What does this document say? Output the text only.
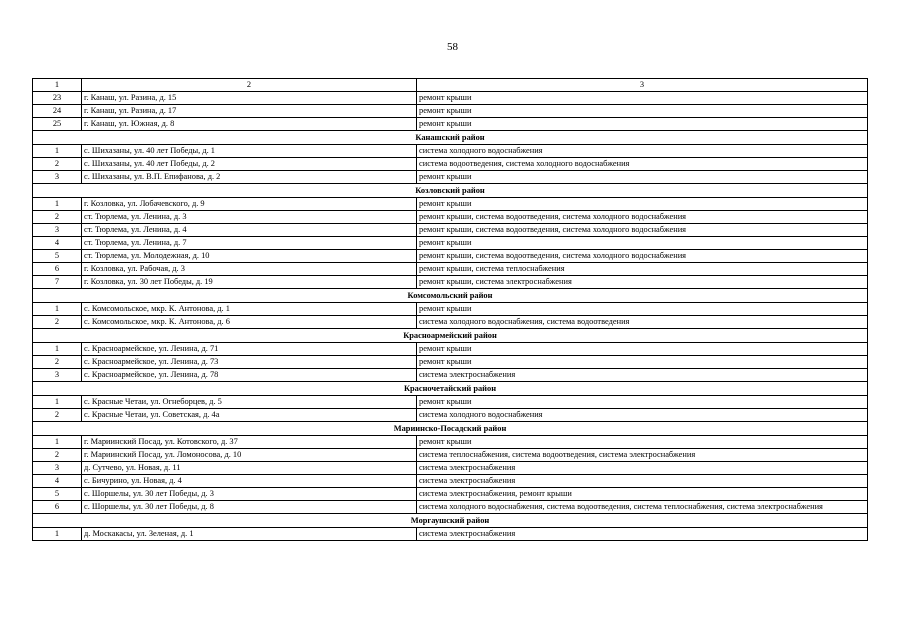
58
1	2	3
23	г. Канаш, ул. Разина, д. 15	ремонт крыши
24	г. Канаш, ул. Разина, д. 17	ремонт крыши
25	г. Канаш, ул. Южная, д. 8	ремонт крыши
Канашский район		
1	с. Шихазаны, ул. 40 лет Победы, д. 1	система холодного водоснабжения
2	с. Шихазаны, ул. 40 лет Победы, д. 2	система водоотведения, система холодного водоснабжения
3	с. Шихазаны, ул. В.П. Епифанова, д. 2	ремонт крыши
Козловский район		
1	г. Козловка, ул. Лобачевского, д. 9	ремонт крыши
2	ст. Тюрлема, ул. Ленина, д. 3	ремонт крыши, система водоотведения, система холодного водоснабжения
3	ст. Тюрлема, ул. Ленина, д. 4	ремонт крыши, система водоотведения, система холодного водоснабжения
4	ст. Тюрлема, ул. Ленина, д. 7	ремонт крыши
5	ст. Тюрлема, ул. Молодежная, д. 10	ремонт крыши, система водоотведения, система холодного водоснабжения
6	г. Козловка, ул. Рабочая, д. 3	ремонт крыши, система теплоснабжения
7	г. Козловка, ул. 30 лет Победы, д. 19	ремонт крыши, система электроснабжения
Комсомольский район		
1	с. Комсомольское, мкр. К. Антонова, д. 1	ремонт крыши
2	с. Комсомольское, мкр. К. Антонова, д. 6	система холодного водоснабжения, система водоотведения
Красноармейский район		
1	с. Красноармейское, ул. Ленина, д. 71	ремонт крыши
2	с. Красноармейское, ул. Ленина, д. 73	ремонт крыши
3	с. Красноармейское, ул. Ленина, д. 78	система электроснабжения
Красночетайский район		
1	с. Красные Четаи, ул. Огнеборцев, д. 5	ремонт крыши
2	с. Красные Четаи, ул. Советская, д. 4а	система холодного водоснабжения
Мариинско-Посадский район		
1	г. Мариинский Посад, ул. Котовского, д. 37	ремонт крыши
2	г. Мариинский Посад, ул. Ломоносова, д. 10	система теплоснабжения, система водоотведения, система электроснабжения
3	д. Сутчево, ул. Новая, д. 11	система электроснабжения
4	с. Бичурино, ул. Новая, д. 4	система электроснабжения
5	с. Шоршелы, ул. 30 лет Победы, д. 3	система электроснабжения, ремонт крыши
6	с. Шоршелы, ул. 30 лет Победы, д. 8	система холодного водоснабжения, система водоотведения, система теплоснабжения, система электроснабжения
Моргаушский район		
1	д. Москакасы, ул. Зеленая, д. 1	система электроснабжения
